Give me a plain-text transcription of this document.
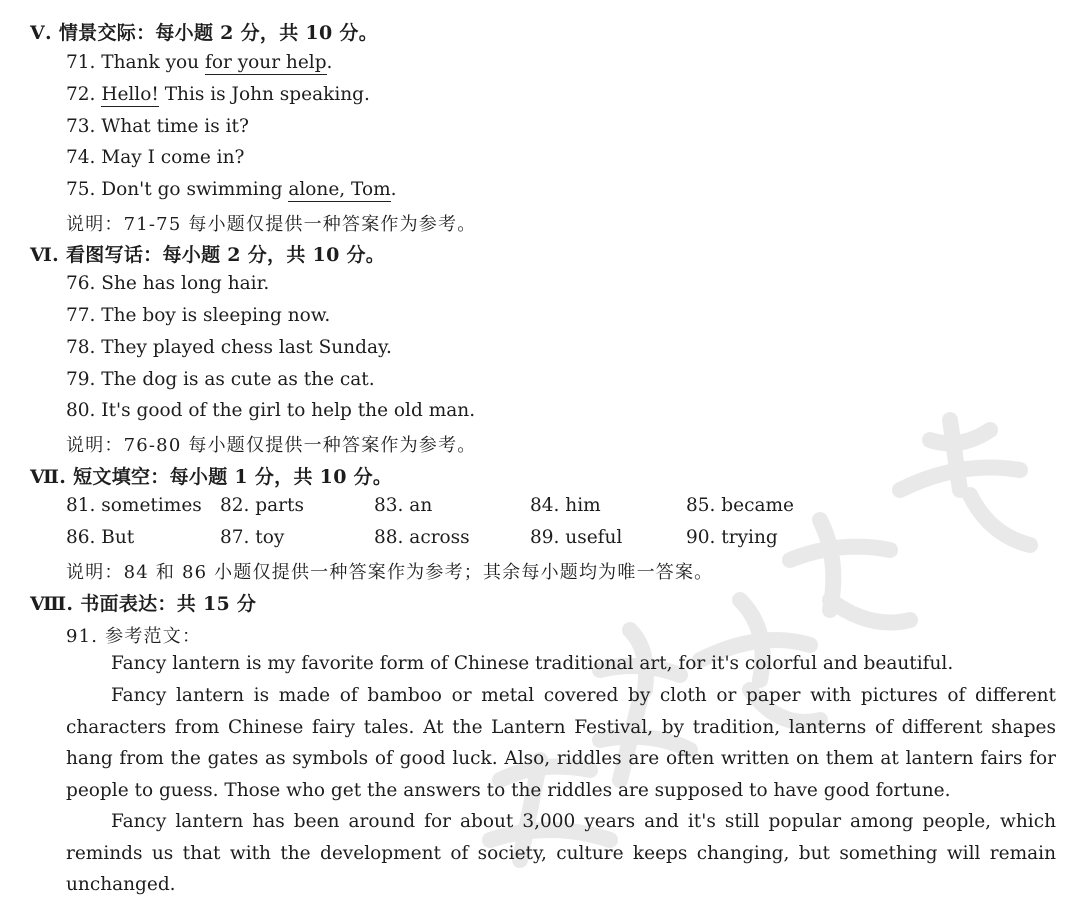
Ⅴ. 情景交际：每小题 2 分，共 10 分。
71. Thank you for your help.
72. Hello! This is John speaking.
73. What time is it?
74. May I come in?
75. Don't go swimming alone, Tom.
说明：71-75 每小题仅提供一种答案作为参考。
Ⅵ. 看图写话：每小题 2 分，共 10 分。
76. She has long hair.
77. The boy is sleeping now.
78. They played chess last Sunday.
79. The dog is as cute as the cat.
80. It's good of the girl to help the old man.
说明：76-80 每小题仅提供一种答案作为参考。
Ⅶ. 短文填空：每小题 1 分，共 10 分。
81. sometimes 82. parts	83. an	84. him	85. became
86. But	87. toy	88. across	89. useful	90. trying
说明：84 和 86 小题仅提供一种答案作为参考；其余每小题均为唯一答案。
Ⅷ. 书面表达：共 15 分
91. 参考范文：
Fancy lantern is my favorite form of Chinese traditional art, for it's colorful and beautiful.
Fancy lantern is made of bamboo or metal covered by cloth or paper with pictures of different characters from Chinese fairy tales. At the Lantern Festival, by tradition, lanterns of different shapes hang from the gates as symbols of good luck. Also, riddles are often written on them at lantern fairs for people to guess. Those who get the answers to the riddles are supposed to have good fortune.
Fancy lantern has been around for about 3,000 years and it's still popular among people, which reminds us that with the development of society, culture keeps changing, but something will remain unchanged.
